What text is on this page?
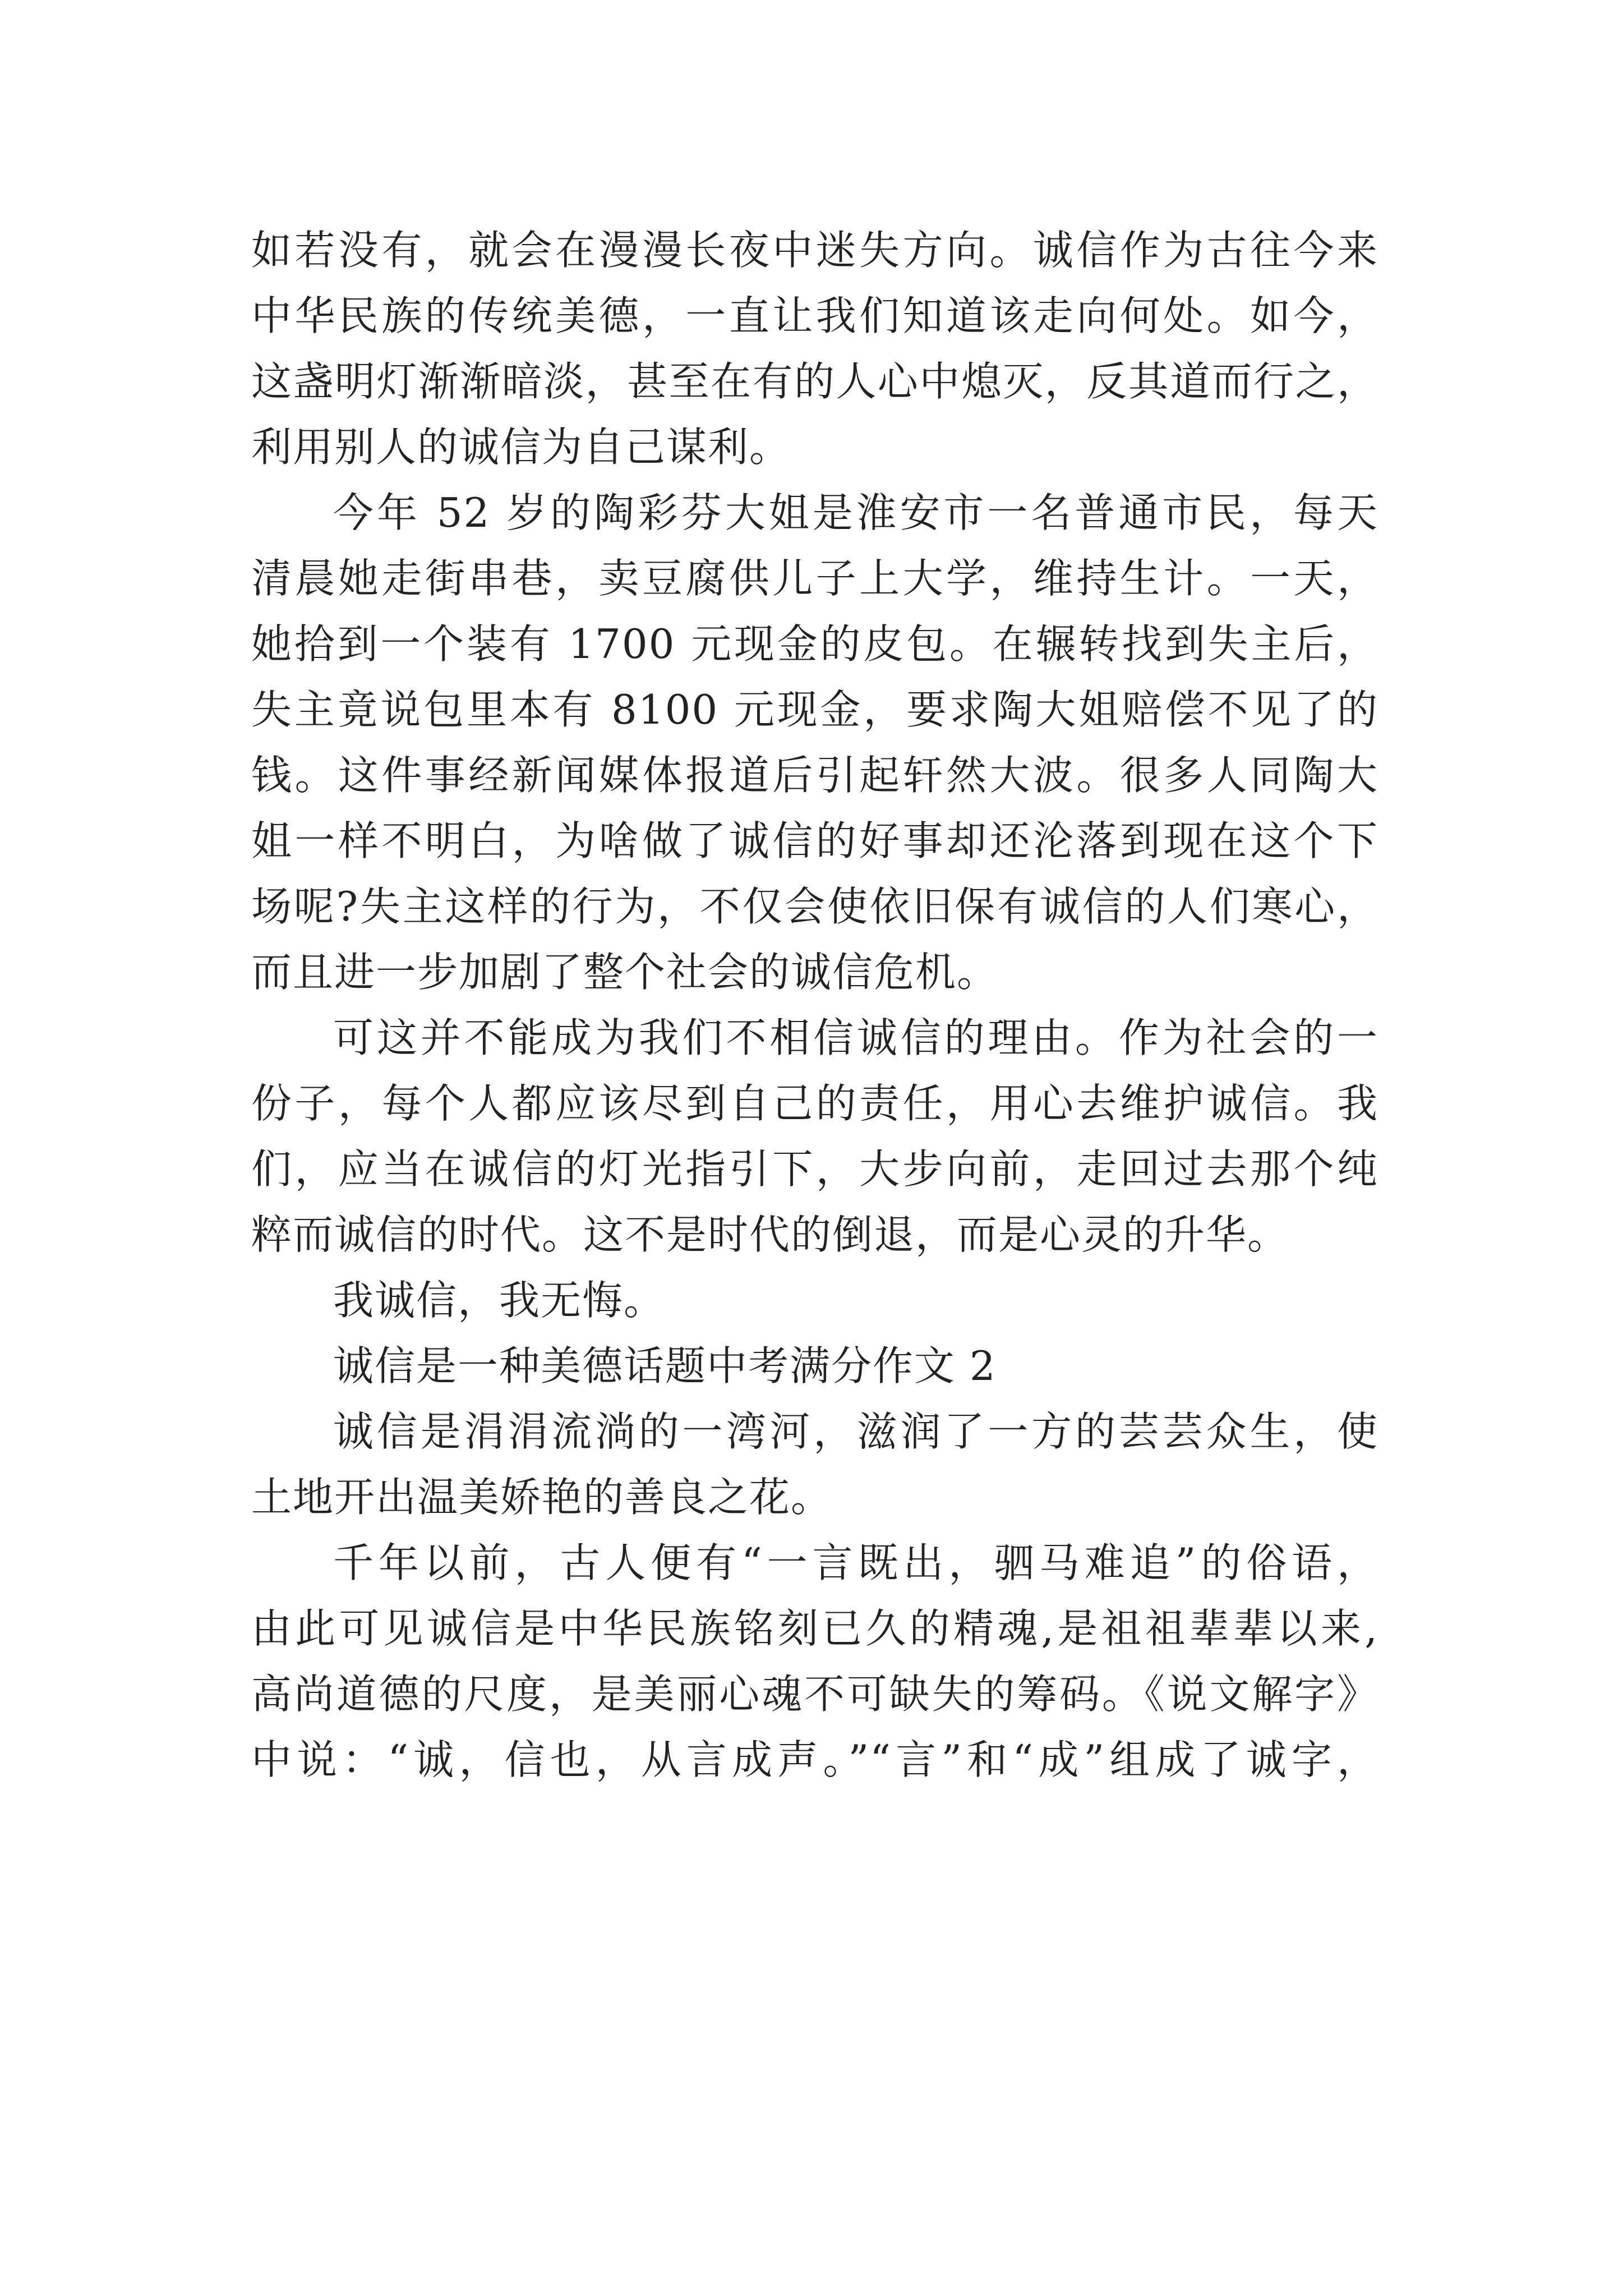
如若没有，就会在漫漫长夜中迷失方向。诚信作为古往今来
中华民族的传统美德，一直让我们知道该走向何处。如今，
这盏明灯渐渐暗淡，甚至在有的人心中熄灭，反其道而行之，
利用别人的诚信为自己谋利。
今年 52 岁的陶彩芬大姐是淮安市一名普通市民，每天
清晨她走街串巷，卖豆腐供儿子上大学，维持生计。一天，
她拾到一个装有 1700 元现金的皮包。在辗转找到失主后，
失主竟说包里本有 8100 元现金，要求陶大姐赔偿不见了的
钱。这件事经新闻媒体报道后引起轩然大波。很多人同陶大
姐一样不明白，为啥做了诚信的好事却还沦落到现在这个下
场呢?失主这样的行为，不仅会使依旧保有诚信的人们寒心，
而且进一步加剧了整个社会的诚信危机。
可这并不能成为我们不相信诚信的理由。作为社会的一
份子，每个人都应该尽到自己的责任，用心去维护诚信。我
们，应当在诚信的灯光指引下，大步向前，走回过去那个纯
粹而诚信的时代。这不是时代的倒退，而是心灵的升华。
我诚信，我无悔。
诚信是一种美德话题中考满分作文 2
诚信是涓涓流淌的一湾河，滋润了一方的芸芸众生，使
土地开出温美娇艳的善良之花。
千年以前，古人便有“一言既出，驷马难追”的俗语，
由此可见诚信是中华民族铭刻已久的精魂,是祖祖辈辈以来,
高尚道德的尺度，是美丽心魂不可缺失的筹码。《说文解字》
中说：“诚，信也，从言成声。”“言”和“成”组成了诚字，
